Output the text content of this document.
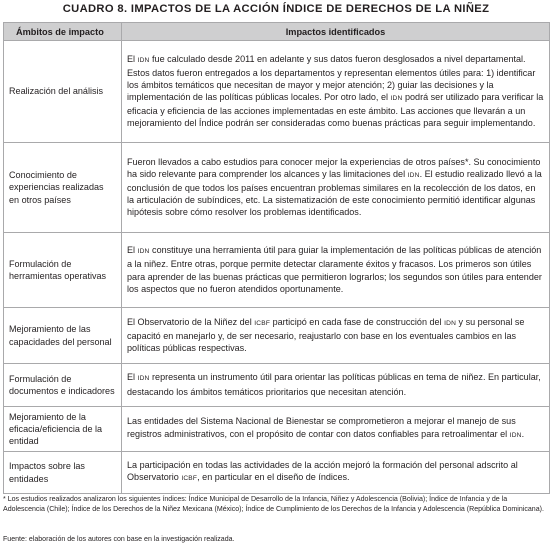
CUADRO 8. IMPACTOS DE LA ACCIÓN ÍNDICE DE DERECHOS DE LA NIÑEZ
Ámbitos de impacto	Impactos identificados
Realización del análisis	El IDN fue calculado desde 2011 en adelante y sus datos fueron desglosados a nivel departamental. Estos datos fueron entregados a los departamentos y representan elementos útiles para: 1) identificar los ámbitos temáticos que necesitan de mayor y mejor atención; 2) guiar las decisiones y la implementación de las políticas públicas locales. Por otro lado, el IDN podrá ser utilizado para verificar la eficacia y eficiencia de las acciones implementadas en este ámbito. Las acciones que llevarán a un mejoramiento del Índice podrán ser consideradas como buenas prácticas para seguir implementando.
Conocimiento de experiencias realizadas en otros países	Fueron llevados a cabo estudios para conocer mejor la experiencias de otros países*. Su conocimiento ha sido relevante para comprender los alcances y las limitaciones del IDN. El estudio realizado llevó a la conclusión de que todos los países encuentran problemas similares en la recolección de los datos, en la articulación de subíndices, etc. La sistematización de este conocimiento permitió identificar algunas hipótesis sobre cómo resolver los problemas identificados.
Formulación de herramientas operativas	El IDN constituye una herramienta útil para guiar la implementación de las políticas públicas de atención a la niñez. Entre otras, porque permite detectar claramente éxitos y fracasos. Los primeros son útiles para aprender de las buenas prácticas que permitieron lograrlos; los segundos son útiles para entender los aspectos que no fueron atendidos oportunamente.
Mejoramiento de las capacidades del personal	El Observatorio de la Niñez del ICBF participó en cada fase de construcción del IDN y su personal se capacitó en manejarlo y, de ser necesario, reajustarlo con base en los eventuales cambios en las políticas públicas respectivas.
Formulación de documentos e indicadores	El IDN representa un instrumento útil para orientar las políticas públicas en tema de niñez. En particular, destacando los ámbitos temáticos prioritarios que necesitan atención.
Mejoramiento de la eficacia/eficiencia de la entidad	Las entidades del Sistema Nacional de Bienestar se comprometieron a mejorar el manejo de sus registros administrativos, con el propósito de contar con datos confiables para retroalimentar el IDN.
Impactos sobre las entidades	La participación en todas las actividades de la acción mejoró la formación del personal adscrito al Observatorio ICBF, en particular en el diseño de índices.
* Los estudios realizados analizaron los siguientes índices: Índice Municipal de Desarrollo de la Infancia, Niñez y Adolescencia (Bolivia); Índice de Infancia y de la Adolescencia (Chile); Índice de los Derechos de la Niñez Mexicana (México); Índice de Cumplimiento de los Derechos de la Infancia y Adolescencia (República Dominicana).
Fuente: elaboración de los autores con base en la investigación realizada.
